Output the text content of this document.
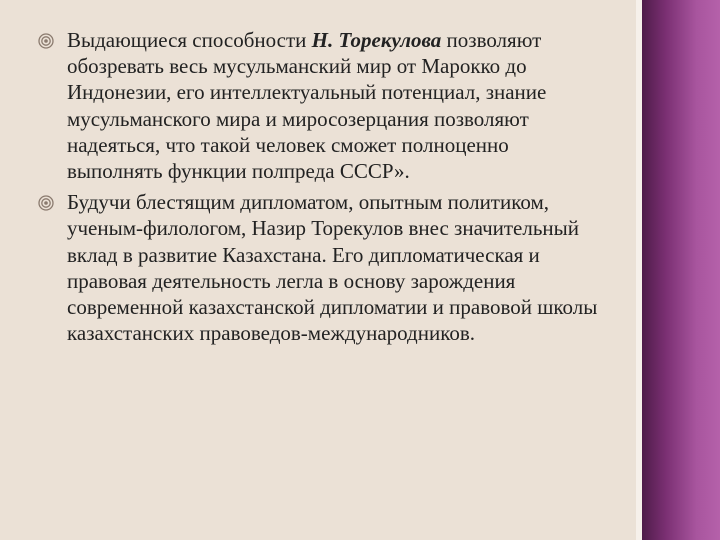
Выдающиеся способности Н. Торекулова позволяют обозревать весь мусульманский мир от Марокко до Индонезии, его интеллектуальный потенциал, знание мусульманского мира и миросозерцания позволяют надеяться, что такой человек сможет полноценно выполнять функции полпреда СССР».
Будучи блестящим дипломатом, опытным политиком, ученым-филологом, Назир Торекулов внес значительный вклад в развитие Казахстана. Его дипломатическая и правовая деятельность легла в основу зарождения современной казахстанской дипломатии и правовой школы казахстанских правоведов-международников.
